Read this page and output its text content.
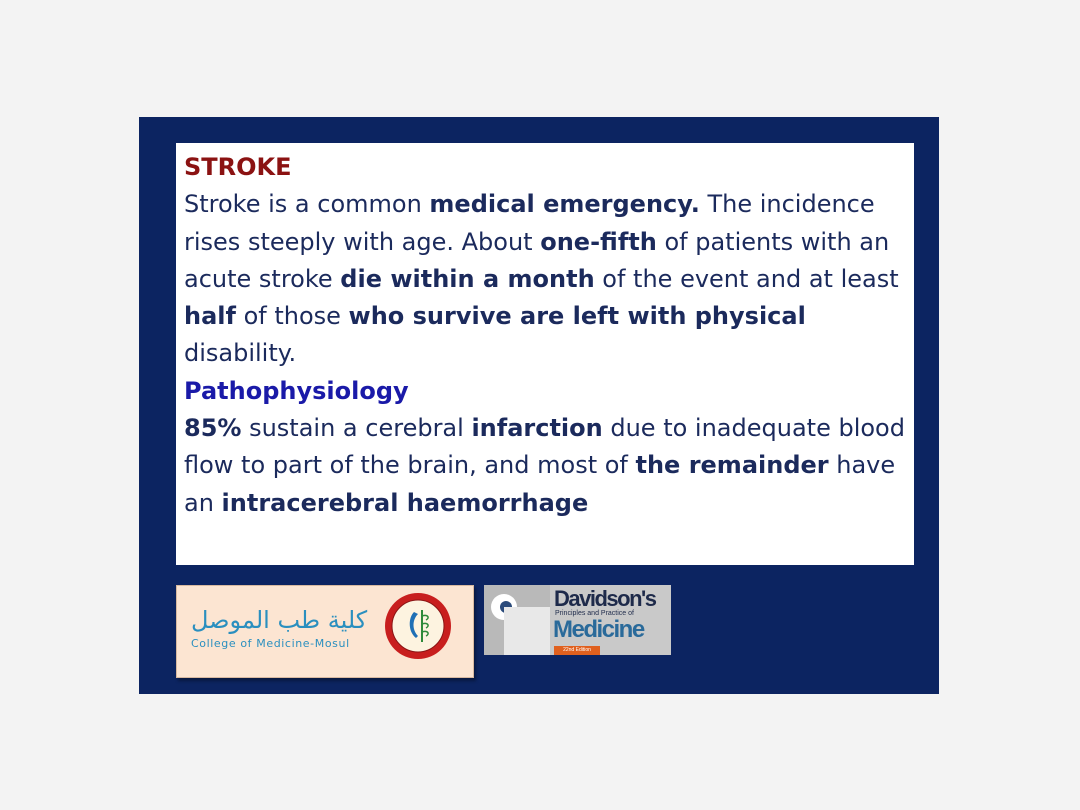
STROKE

Stroke is a common medical emergency. The incidence rises steeply with age. About one-fifth of patients with an acute stroke die within a month of the event and at least half of those who survive are left with physical disability.

Pathophysiology

85% sustain a cerebral infarction due to inadequate blood flow to part of the brain, and most of the remainder have an intracerebral haemorrhage

كلية طب الموصل
College of Medicine-Mosul
Davidson's
Principles and Practice of
Medicine
22nd Edition
